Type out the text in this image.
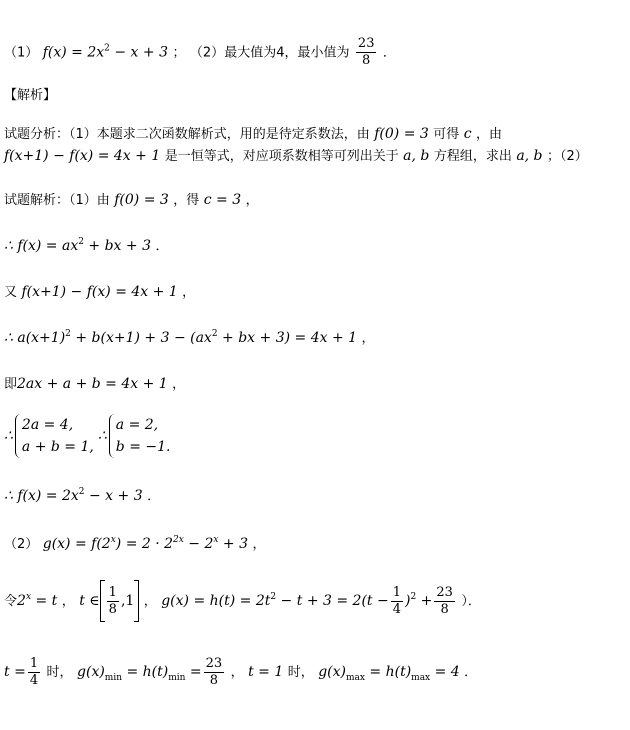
（1） $f(x) = 2x^2 - x + 3$ ； （2）最大值为4，最小值为 $\frac{23}{8}$ ．
【解析】
试题分析：（1）本题求二次函数解析式，用的是待定系数法，由 f(0) = 3 可得 c ，由
f(x+1) − f(x) = 4x + 1 是一恒等式，对应项系数相等可列出关于 a, b 方程组，求出 a, b ；（2）
试题解析：（1）由 f(0) = 3 ，得 c = 3 ，
∴ $f(x) = ax^2$ + bx + 3 ．
又 f(x+1) − f(x) = 4x + 1 ，
∴ $a(x+1)^2 + b(x+1) + 3 - (ax^2$ + bx + 3) = 4x + 1 ，
即2ax + a + b = 4x + 1 ，
∴
2a = 4,
a + b = 1,
∴
a = 2,
b = −1.
∴ $f(x) = 2x^2 - x + 3$ ．
（2） $g(x) = f(2^x) = 2 \cdot 2^{2x} - 2^x + 3$ ，
令$2^x = t$ ， t ∈ $\frac{1}{8} ,1$ ， $g(x) = h(t) = 2t^2 - t + 3 = 2(t - \frac{1}{4} )^2 + \frac{23}{8}$ ）．
$t = \frac{1}{4}$ 时， $g(x)_{min} = h(t)_{min} = \frac{23}{8}$ ， t = 1 时， $g(x)_{max} = h(t)_{max} = 4$ ．
